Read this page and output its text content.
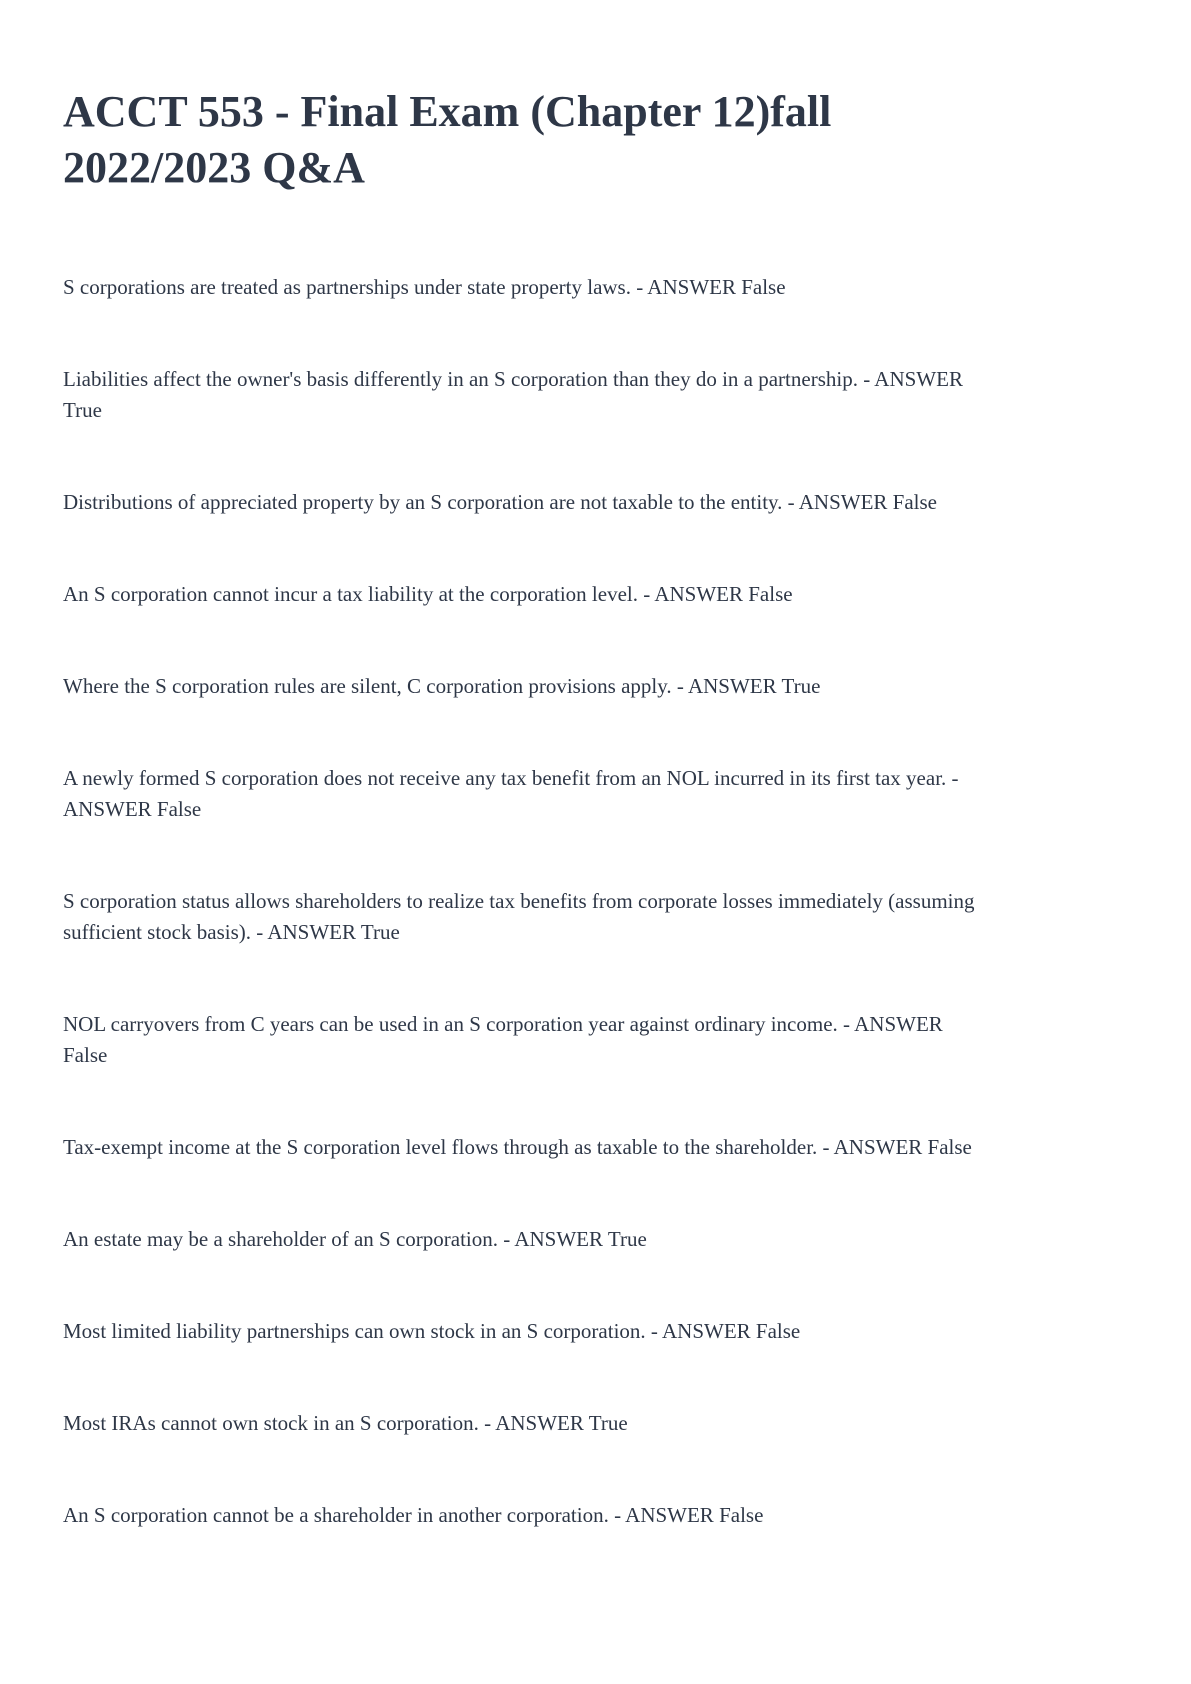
ACCT 553 - Final Exam (Chapter 12)fall
2022/2023 Q&A

S corporations are treated as partnerships under state property laws. - ANSWER False

Liabilities affect the owner's basis differently in an S corporation than they do in a partnership. - ANSWER
True

Distributions of appreciated property by an S corporation are not taxable to the entity. - ANSWER False

An S corporation cannot incur a tax liability at the corporation level. - ANSWER False

Where the S corporation rules are silent, C corporation provisions apply. - ANSWER True

A newly formed S corporation does not receive any tax benefit from an NOL incurred in its first tax year. -
ANSWER False

S corporation status allows shareholders to realize tax benefits from corporate losses immediately (assuming
sufficient stock basis). - ANSWER True

NOL carryovers from C years can be used in an S corporation year against ordinary income. - ANSWER
False

Tax-exempt income at the S corporation level flows through as taxable to the shareholder. - ANSWER False

An estate may be a shareholder of an S corporation. - ANSWER True

Most limited liability partnerships can own stock in an S corporation. - ANSWER False

Most IRAs cannot own stock in an S corporation. - ANSWER True

An S corporation cannot be a shareholder in another corporation. - ANSWER False
